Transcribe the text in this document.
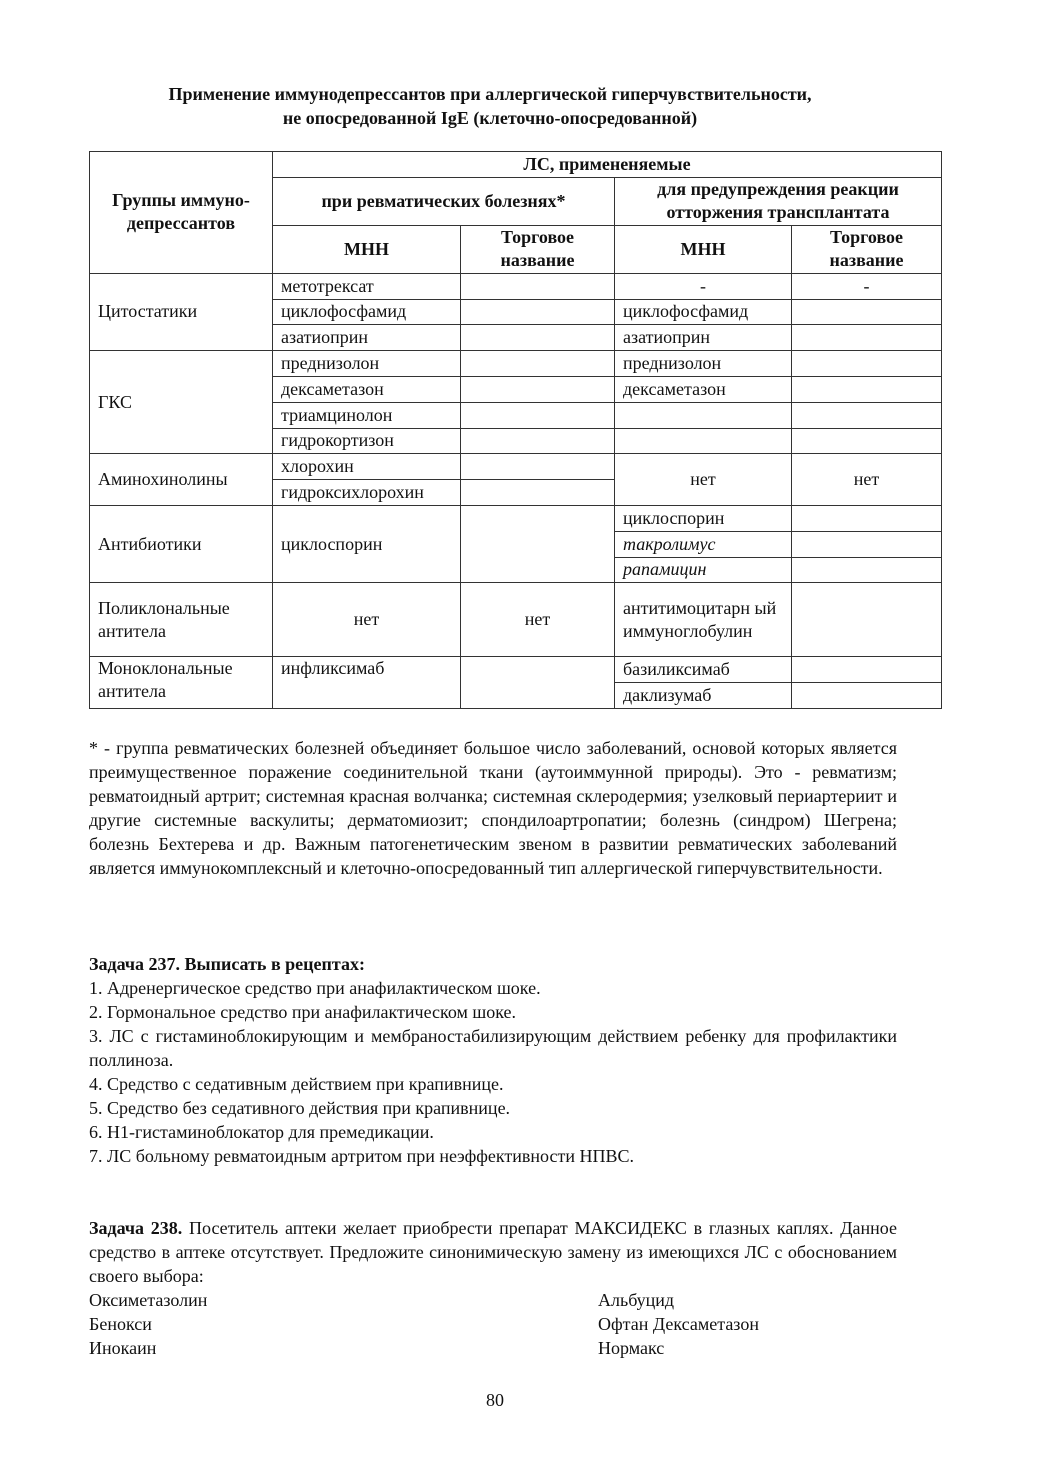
Применение иммунодепрессантов при аллергической гиперчувствительности,
не опосредованной IgE (клеточно-опосредованной)
Группы иммуно- депрессантов	ЛС, примененяемые			
	при ревматических болезнях*		для предупреждения реакции отторжения трансплантата	
	МНН	Торговое название	МНН	Торговое название
Цитостатики	метотрексат		-	-
	циклофосфамид		циклофосфамид	
	азатиоприн		азатиоприн	
ГКС	преднизолон		преднизолон	
	дексаметазон		дексаметазон	
	триамцинолон			
	гидрокортизон			
Аминохинолины	хлорохин		нет	нет
	гидроксихлорохин			
Антибиотики	циклоспорин		циклоспорин	
			такролимус	
			рапамицин	
Поликлональные антитела	нет	нет	антитимоцитарн ый иммуноглобулин	
Моноклональные антитела	инфликсимаб		базиликсимаб	
			даклизумаб	
* - группа ревматических болезней объединяет большое число заболеваний, основой которых является преимущественное поражение соединительной ткани (аутоиммунной природы). Это - ревматизм; ревматоидный артрит; системная красная волчанка; системная склеродермия; узелковый периартериит и другие системные васкулиты; дерматомиозит; спондилоартропатии; болезнь (синдром) Шегрена; болезнь Бехтерева и др. Важным патогенетическим звеном в развитии ревматических заболеваний является иммунокомплексный и клеточно-опосредованный тип аллергической гиперчувствительности.

Задача 237. Выписать в рецептах:

1. Адренергическое средство при анафилактическом шоке.

2. Гормональное средство при анафилактическом шоке.

3. ЛС с гистаминоблокирующим и мембраностабилизирующим действием ребенку для профилактики поллиноза.

4. Средство с седативным действием при крапивнице.

5. Средство без седативного действия при крапивнице.

6. Н1-гистаминоблокатор для премедикации.

7. ЛС больному ревматоидным артритом при неэффективности НПВС.

Задача 238. Посетитель аптеки желает приобрести препарат МАКСИДЕКС в глазных каплях. Данное средство в аптеке отсутствует. Предложите синонимическую замену из имеющихся ЛС с обоснованием своего выбора:
Оксиметазолин	Альбуцид
Бенокси	Офтан Дексаметазон
Инокаин	Нормакс
80
